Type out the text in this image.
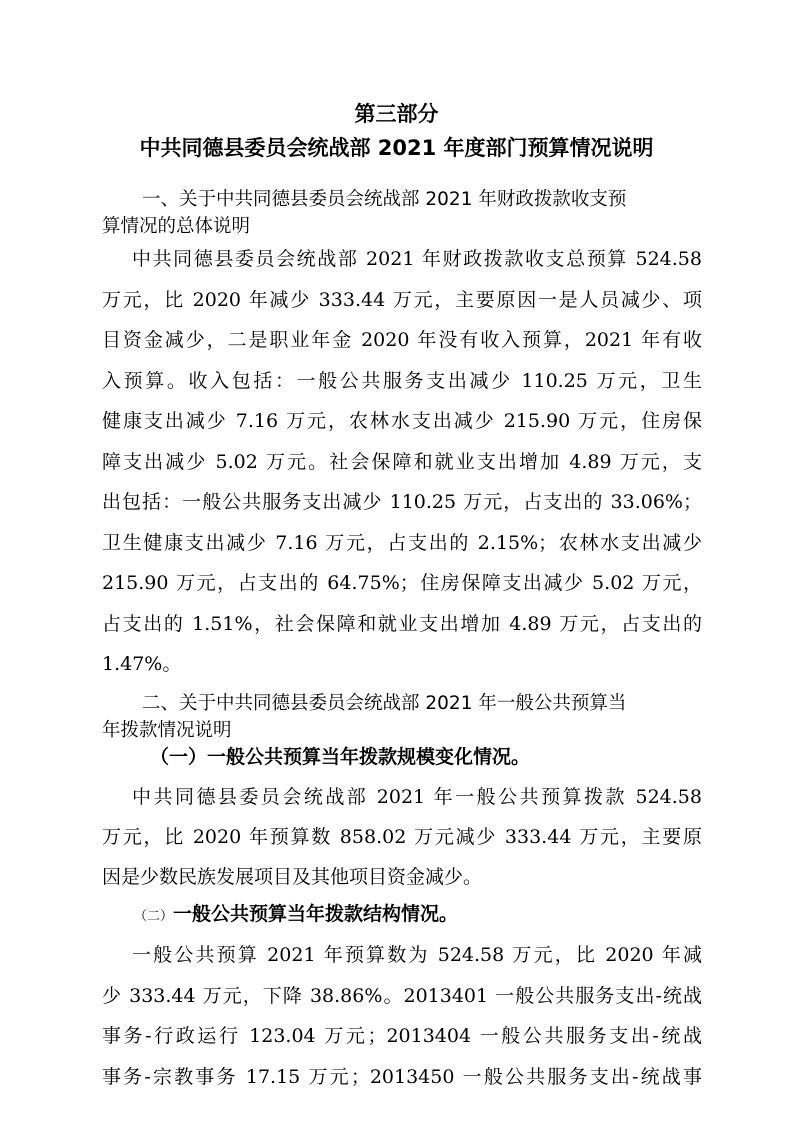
第三部分
中共同德县委员会统战部 2021 年度部门预算情况说明
一、关于中共同德县委员会统战部 2021 年财政拨款收支预
算情况的总体说明
中共同德县委员会统战部 2021 年财政拨款收支总预算 524.58
万元，比 2020 年减少 333.44 万元，主要原因一是人员减少、项
目资金减少，二是职业年金 2020 年没有收入预算，2021 年有收
入预算。收入包括：一般公共服务支出减少 110.25 万元，卫生
健康支出减少 7.16 万元，农林水支出减少 215.90 万元，住房保
障支出减少 5.02 万元。社会保障和就业支出增加 4.89 万元，支
出包括：一般公共服务支出减少 110.25 万元，占支出的 33.06%；
卫生健康支出减少 7.16 万元，占支出的 2.15%；农林水支出减少
215.90 万元，占支出的 64.75%；住房保障支出减少 5.02 万元，
占支出的 1.51%，社会保障和就业支出增加 4.89 万元，占支出的
1.47%。
二、关于中共同德县委员会统战部 2021 年一般公共预算当
年拨款情况说明
（一）一般公共预算当年拨款规模变化情况。
中共同德县委员会统战部 2021 年一般公共预算拨款 524.58
万元，比 2020 年预算数 858.02 万元减少 333.44 万元，主要原
因是少数民族发展项目及其他项目资金减少。
（二）一般公共预算当年拨款结构情况。
一般公共预算 2021 年预算数为 524.58 万元，比 2020 年减
少 333.44 万元，下降 38.86%。2013401 一般公共服务支出-统战
事务-行政运行 123.04 万元；2013404 一般公共服务支出-统战
事务-宗教事务 17.15 万元；2013450 一般公共服务支出-统战事
